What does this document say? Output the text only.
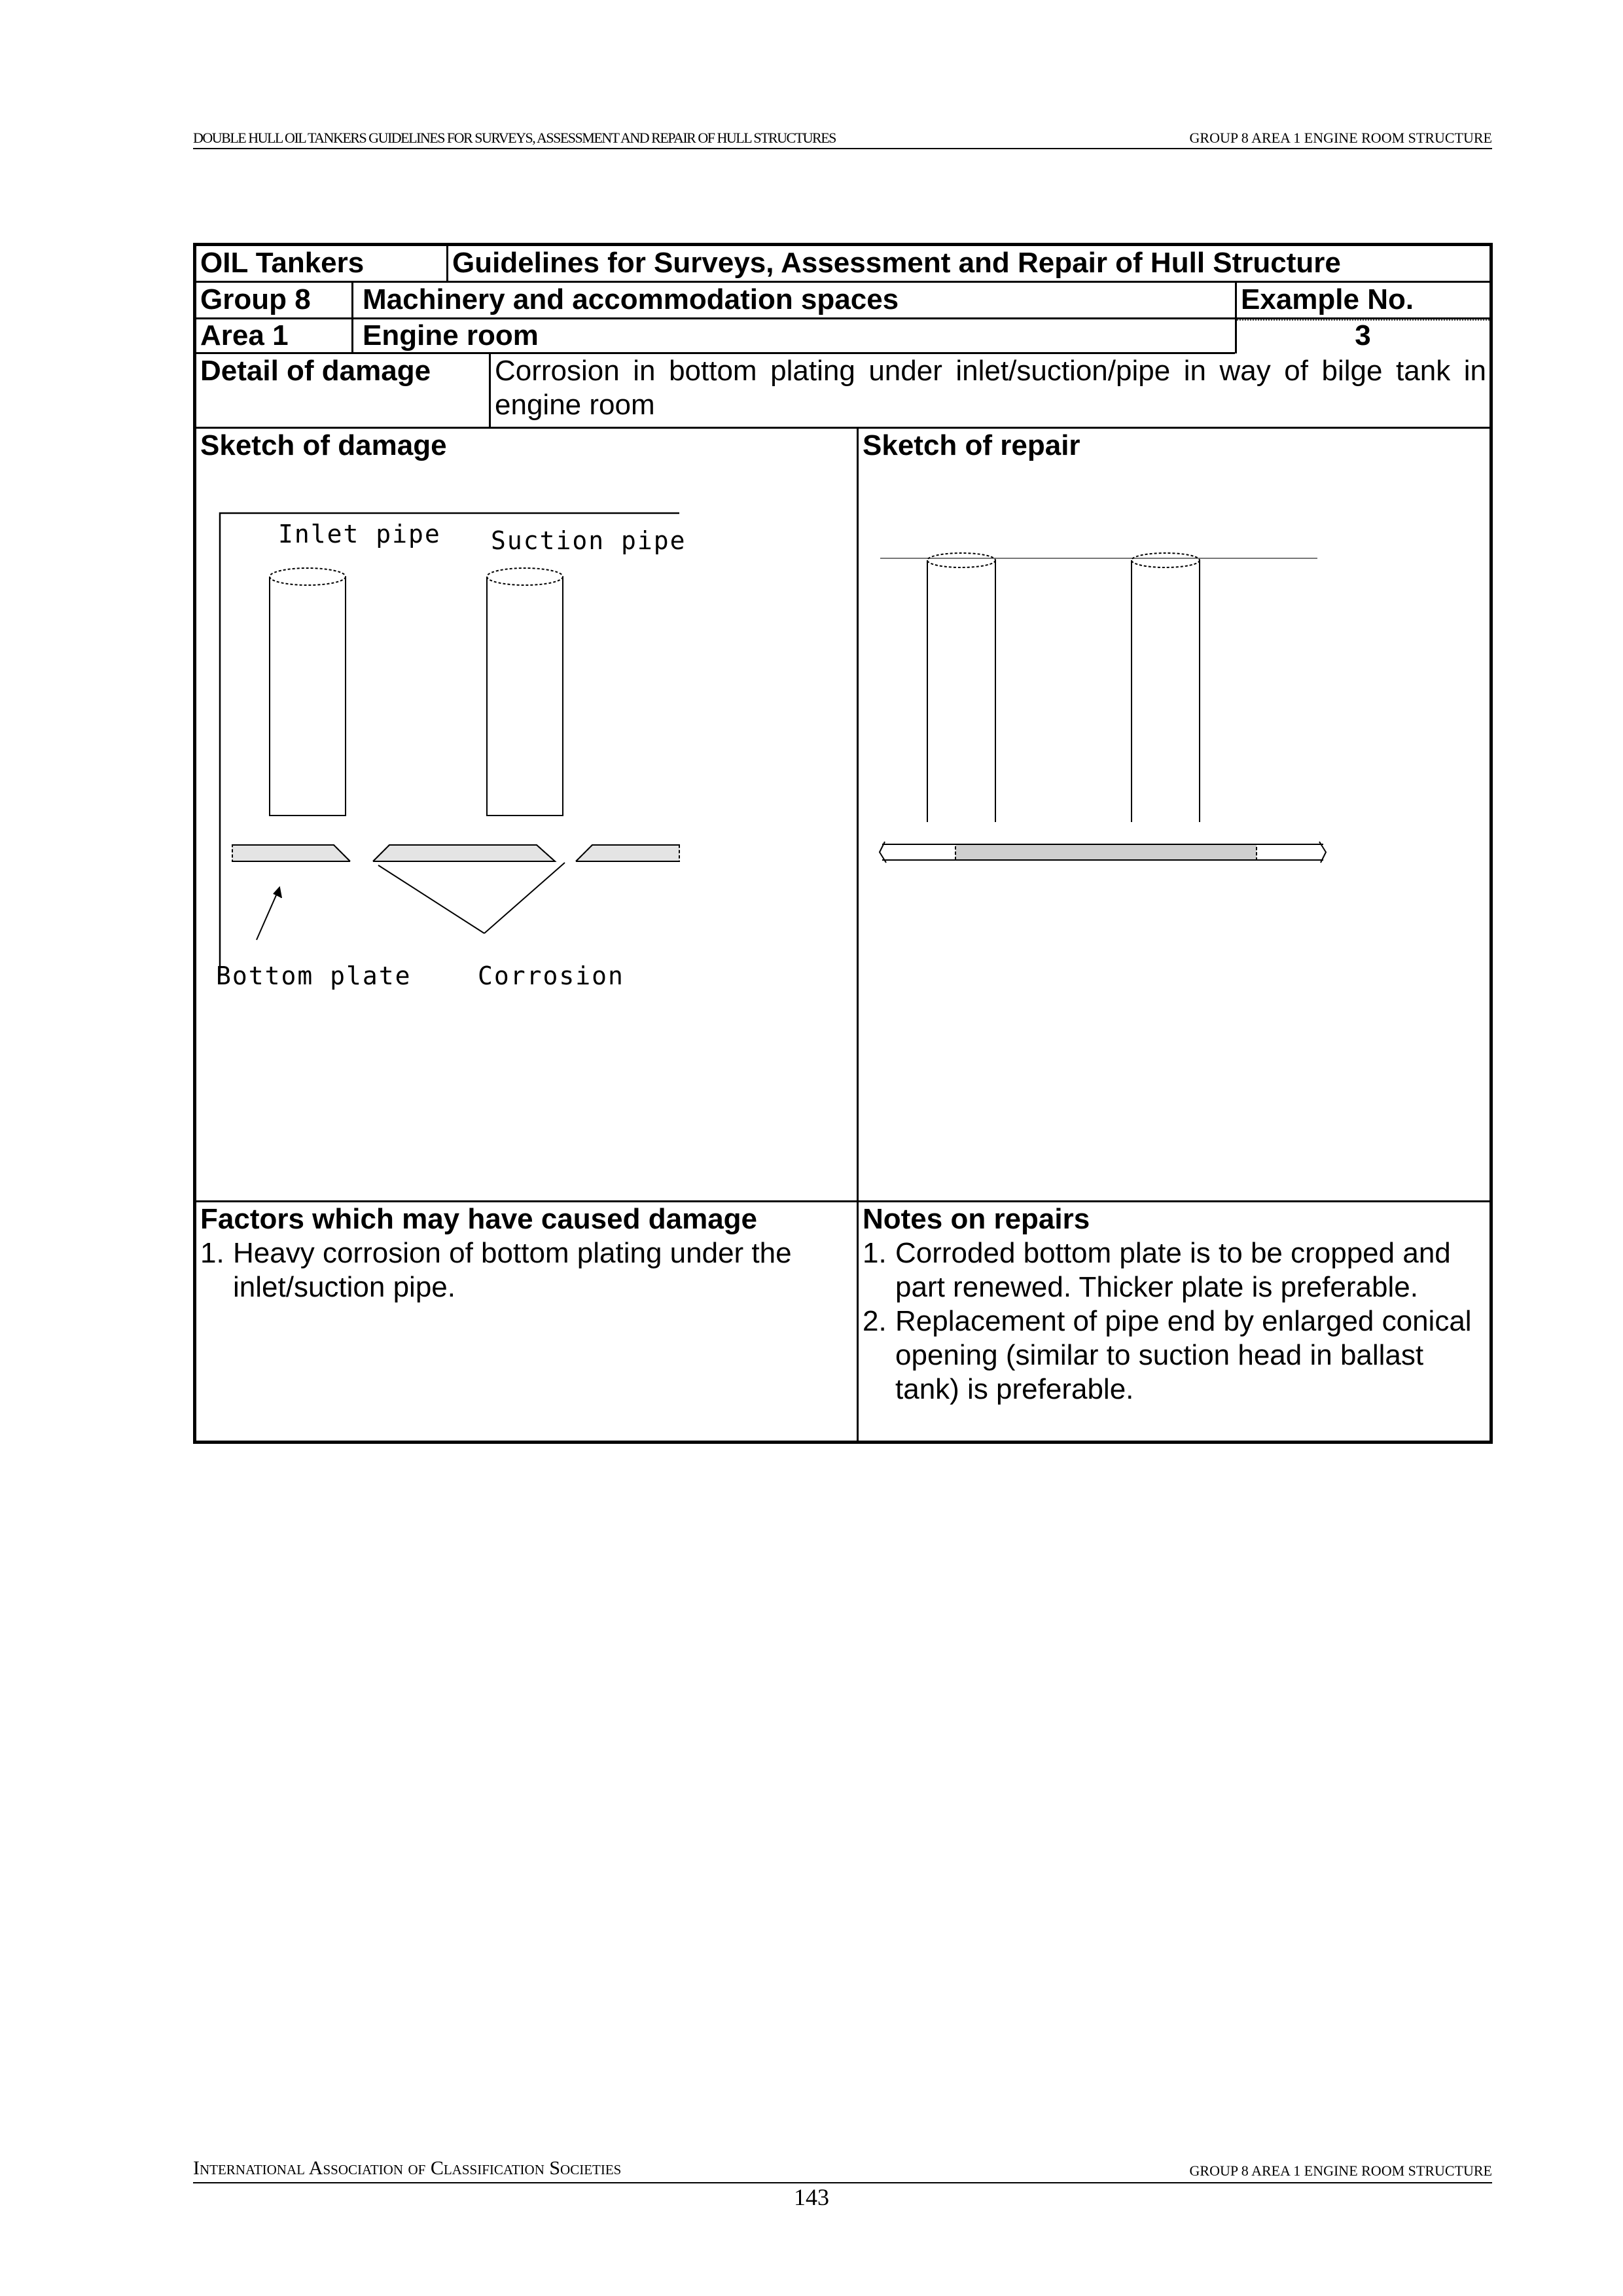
DOUBLE HULL OIL TANKERS GUIDELINES FOR SURVEYS, ASSESSMENT AND REPAIR OF HULL STRUCTURES	GROUP 8 AREA 1 ENGINE ROOM STRUCTURE
OIL Tankers	Guidelines for Surveys, Assessment and Repair of Hull Structure
Group 8	Machinery and accommodation spaces	Example No.
Area 1	Engine room	3
Detail of damage	Corrosion in bottom plating under inlet/suction/pipe in way of bilge tank in engine room
Sketch of damage	Sketch of repair
Inlet pipe Suction pipe
Bottom plate	Corrosion
Factors which may have caused damage
1. Heavy corrosion of bottom plating under the inlet/suction pipe.
Notes on repairs
1. Corroded bottom plate is to be cropped and part renewed. Thicker plate is preferable.
2. Replacement of pipe end by enlarged conical opening (similar to suction head in ballast tank) is preferable.
International Association of Classification Societies	GROUP 8 AREA 1 ENGINE ROOM STRUCTURE
143
